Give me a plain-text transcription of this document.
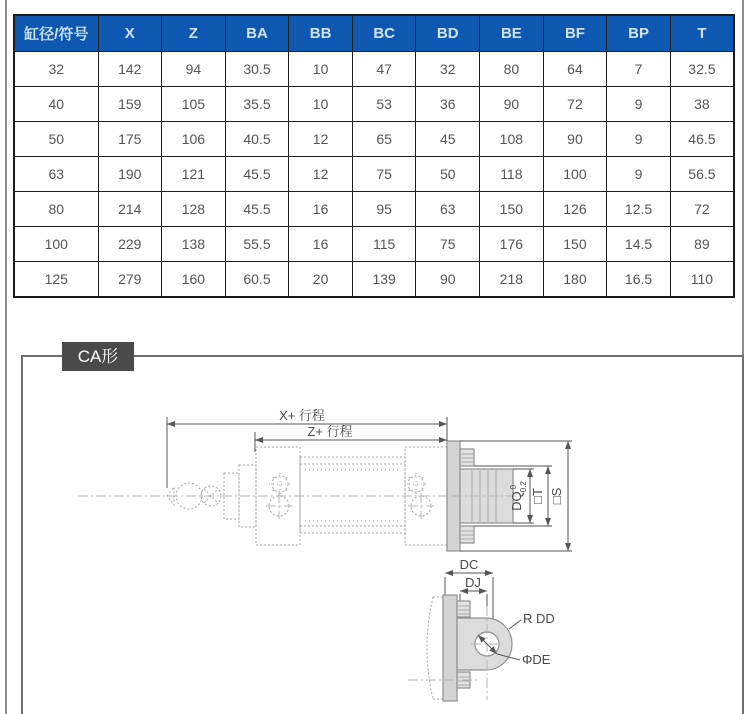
缸径/符号	X	Z	BA	BB	BC	BD	BE	BF	BP	T
32	142	94	30.5	10	47	32	80	64	7	32.5
40	159	105	35.5	10	53	36	90	72	9	38
50	175	106	40.5	12	65	45	108	90	9	46.5
63	190	121	45.5	12	75	50	118	100	9	56.5
80	214	128	45.5	16	95	63	150	126	12.5	72
100	229	138	55.5	16	115	75	176	150	14.5	89
125	279	160	60.5	20	139	90	218	180	16.5	110
CA形
X+ 行程
Z+ 行程
$DQ^0-0.2$
□T □S
DC
DJ
R DD
ΦDE
